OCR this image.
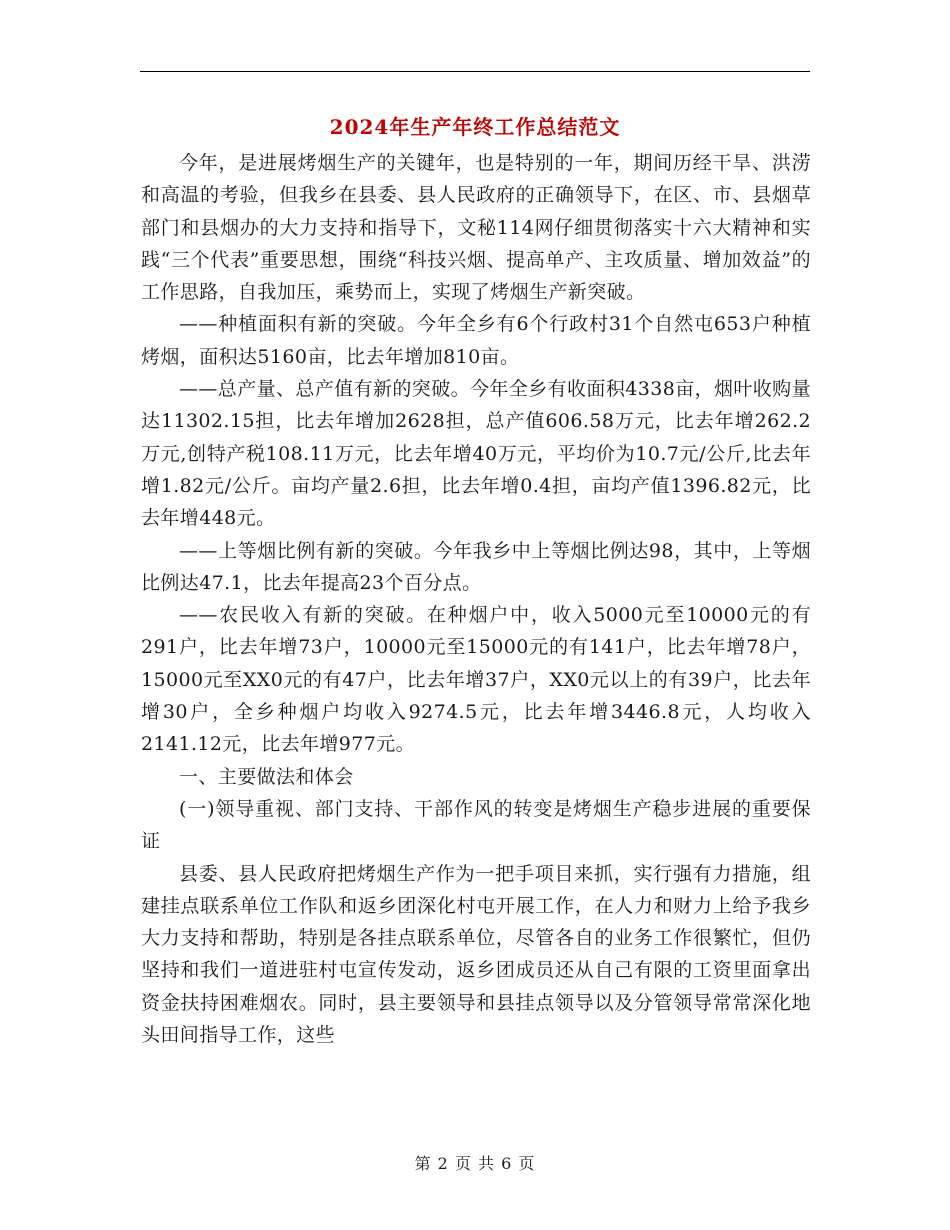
2024年生产年终工作总结范文

今年，是进展烤烟生产的关键年，也是特别的一年，期间历经干旱、洪涝和高温的考验，但我乡在县委、县人民政府的正确领导下，在区、市、县烟草部门和县烟办的大力支持和指导下，文秘114网仔细贯彻落实十六大精神和实践“三个代表”重要思想，围绕“科技兴烟、提高单产、主攻质量、增加效益”的工作思路，自我加压，乘势而上，实现了烤烟生产新突破。

——种植面积有新的突破。今年全乡有6个行政村31个自然屯653户种植烤烟，面积达5160亩，比去年增加810亩。

——总产量、总产值有新的突破。今年全乡有收面积4338亩，烟叶收购量达11302.15担，比去年增加2628担，总产值606.58万元，比去年增262.2万元,创特产税108.11万元，比去年增40万元，平均价为10.7元/公斤,比去年增1.82元/公斤。亩均产量2.6担，比去年增0.4担，亩均产值1396.82元，比去年增448元。

——上等烟比例有新的突破。今年我乡中上等烟比例达98，其中，上等烟比例达47.1，比去年提高23个百分点。

——农民收入有新的突破。在种烟户中，收入5000元至10000元的有291户，比去年增73户，10000元至15000元的有141户，比去年增78户，15000元至XX0元的有47户，比去年增37户，XX0元以上的有39户，比去年增30户，全乡种烟户均收入9274.5元，比去年增3446.8元，人均收入2141.12元，比去年增977元。

一、主要做法和体会

(一)领导重视、部门支持、干部作风的转变是烤烟生产稳步进展的重要保证

县委、县人民政府把烤烟生产作为一把手项目来抓，实行强有力措施，组建挂点联系单位工作队和返乡团深化村屯开展工作，在人力和财力上给予我乡大力支持和帮助，特别是各挂点联系单位，尽管各自的业务工作很繁忙，但仍坚持和我们一道进驻村屯宣传发动，返乡团成员还从自己有限的工资里面拿出资金扶持困难烟农。同时，县主要领导和县挂点领导以及分管领导常常深化地头田间指导工作，这些

第 2 页 共 6 页
